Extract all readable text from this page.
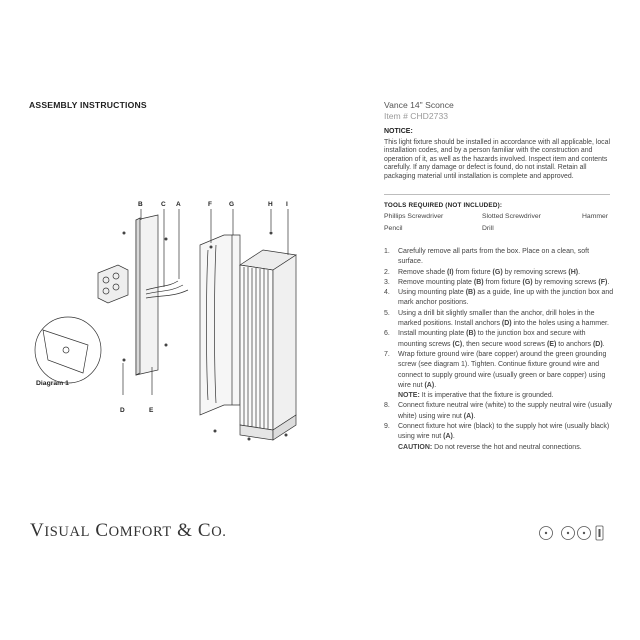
ASSEMBLY INSTRUCTIONS	Vance 14" Sconce
Item # CHD2733
NOTICE:
This light fixture should be installed in accordance with all applicable, local installation codes, and by a person familiar with the construction and operation of it, as well as the hazards involved. Inspect item and contents carefully. If any damage or defect is found, do not install. Retain all packaging material until installation is complete and approved.
TOOLS REQUIRED (NOT INCLUDED):
Phillips Screwdriver	Slotted Screwdriver	Hammer
Pencil	Drill
1. Carefully remove all parts from the box. Place on a clean, soft surface.
2. Remove shade (I) from fixture (G) by removing screws (H).
3. Remove mounting plate (B) from fixture (G) by removing screws (F).
4. Using mounting plate (B) as a guide, line up with the junction box and mark anchor positions.
5. Using a drill bit slightly smaller than the anchor, drill holes in the marked positions. Install anchors (D) into the holes using a hammer.
6. Install mounting plate (B) to the junction box and secure with mounting screws (C), then secure wood screws (E) to anchors (D).
7. Wrap fixture ground wire (bare copper) around the green grounding screw (see diagram 1). Tighten. Continue fixture ground wire and connect to supply ground wire (usually green or bare copper) using wire nut (A).
NOTE: It is imperative that the fixture is grounded.
8. Connect fixture neutral wire (white) to the supply neutral wire (usually white) using wire nut (A).
9. Connect fixture hot wire (black) to the supply hot wire (usually black) using wire nut (A).
CAUTION: Do not reverse the hot and neutral connections.
B	C A	F	G	H I
D	E
Diagram 1
VISUAL COMFORT & CO.
